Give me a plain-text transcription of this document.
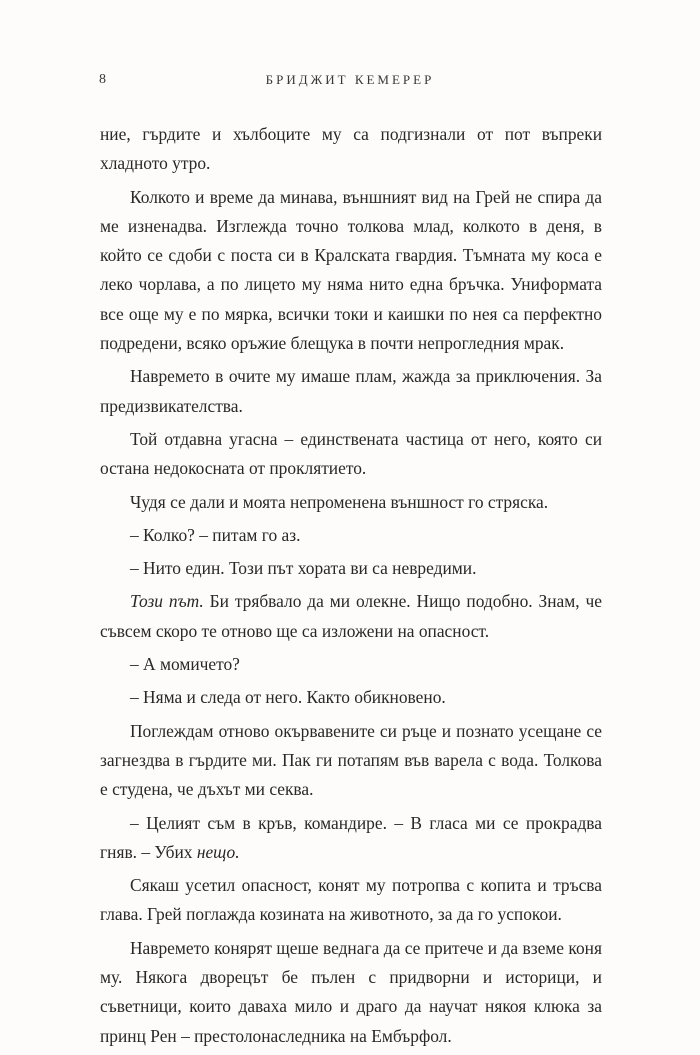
8	БРИДЖИТ КЕМЕРЕР

ние, гърдите и хълбоците му са подгизнали от пот въпреки хладното утро.

Колкото и време да минава, външният вид на Грей не спира да ме изненадва. Изглежда точно толкова млад, колкото в деня, в който се сдоби с поста си в Кралската гвардия. Тъмната му коса е леко чорлава, а по лицето му няма нито една бръчка. Униформата все още му е по мярка, всички токи и каишки по нея са перфектно подредени, всяко оръжие блещука в почти непрогледния мрак.

Навремето в очите му имаше плам, жажда за приключения. За предизвикателства.

Той отдавна угасна – единствената частица от него, която си остана недокосната от проклятието.

Чудя се дали и моята непроменена външност го стряска.

– Колко? – питам го аз.

– Нито един. Този път хората ви са невредими.

Този път. Би трябвало да ми олекне. Нищо подобно. Знам, че съвсем скоро те отново ще са изложени на опасност.

– А момичето?

– Няма и следа от него. Както обикновено.

Поглеждам отново окървавените си ръце и познато усещане се загнездва в гърдите ми. Пак ги потапям във варела с вода. Толкова е студена, че дъхът ми секва.

– Целият съм в кръв, командире. – В гласа ми се прокрадва гняв. – Убих нещо.

Сякаш усетил опасност, конят му потропва с копита и тръсва глава. Грей поглажда козината на животното, за да го успокои.

Навремето конярят щеше веднага да се притече и да вземе коня му. Някога дворецът бе пълен с придворни и историци, и съветници, които даваха мило и драго да научат някоя клюка за принц Рен – престолонаследника на Ембърфол.
